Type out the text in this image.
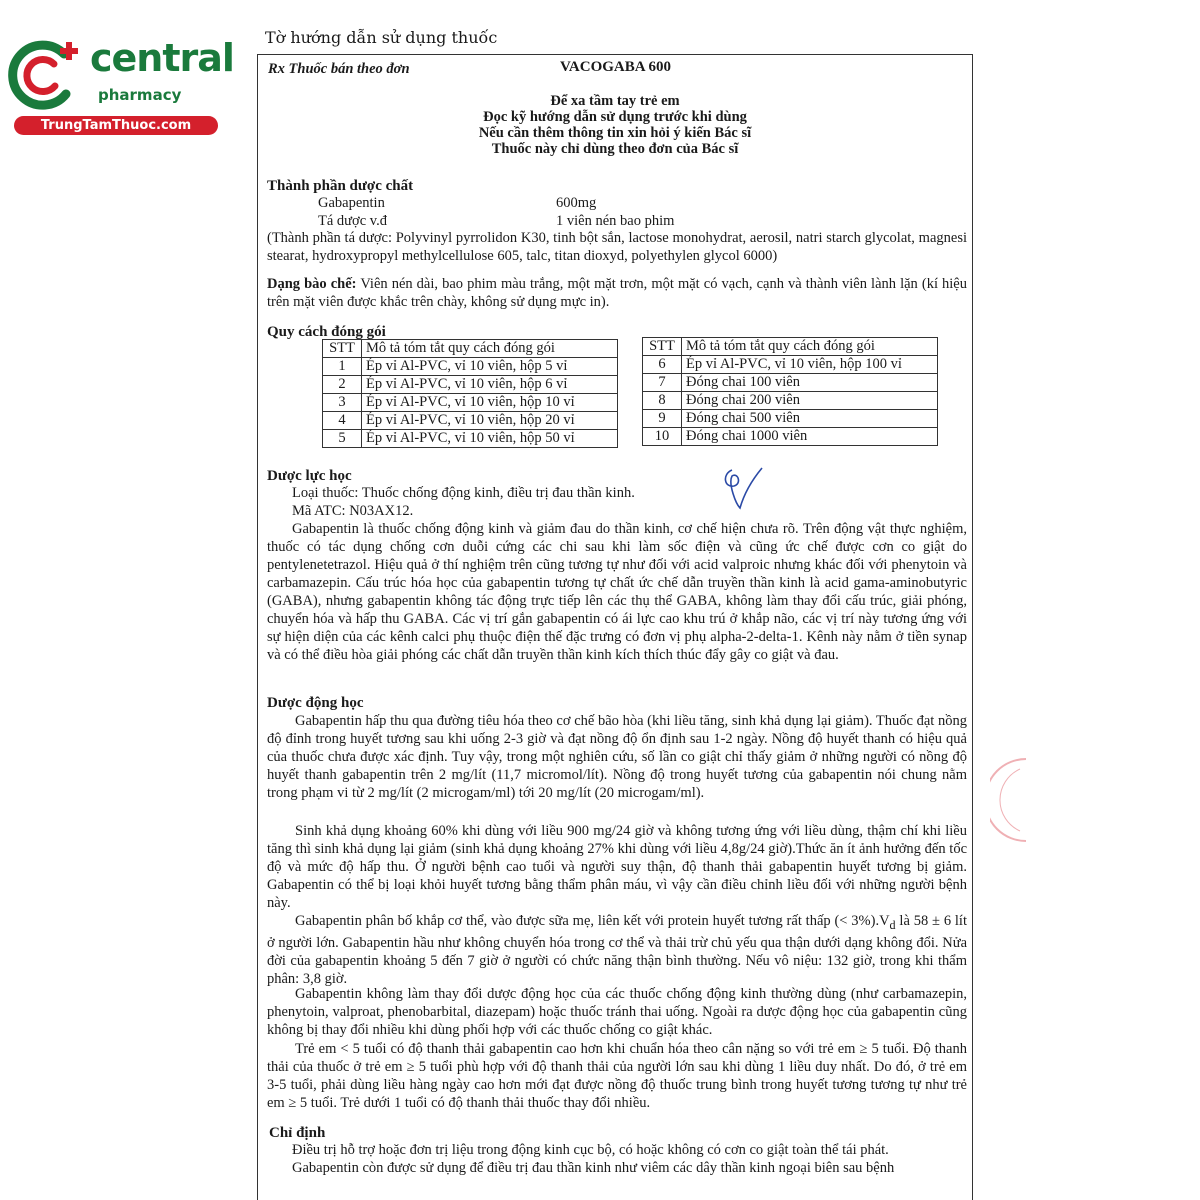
central
pharmacy
TrungTamThuoc.com
Tờ hướng dẫn sử dụng thuốc
Rx Thuốc bán theo đơn	VACOGABA 600
Để xa tầm tay trẻ em
Đọc kỹ hướng dẫn sử dụng trước khi dùng
Nếu cần thêm thông tin xin hỏi ý kiến Bác sĩ
Thuốc này chỉ dùng theo đơn của Bác sĩ
Thành phần dược chất
Gabapentin	600mg
Tá dược v.đ	1 viên nén bao phim
(Thành phần tá dược: Polyvinyl pyrrolidon K30, tinh bột sắn, lactose monohydrat, aerosil, natri starch glycolat, magnesi stearat, hydroxypropyl methylcellulose 605, talc, titan dioxyd, polyethylen glycol 6000)
Dạng bào chế: Viên nén dài, bao phim màu trắng, một mặt trơn, một mặt có vạch, cạnh và thành viên lành lặn (kí hiệu trên mặt viên được khắc trên chày, không sử dụng mực in).
Quy cách đóng gói
STT	Mô tả tóm tắt quy cách đóng gói
1	Ép vỉ Al-PVC, vỉ 10 viên, hộp 5 vỉ
2	Ép vỉ Al-PVC, vỉ 10 viên, hộp 6 vỉ
3	Ép vỉ Al-PVC, vỉ 10 viên, hộp 10 vỉ
4	Ép vỉ Al-PVC, vỉ 10 viên, hộp 20 vỉ
5	Ép vỉ Al-PVC, vỉ 10 viên, hộp 50 vỉ
STT	Mô tả tóm tắt quy cách đóng gói
6	Ép vỉ Al-PVC, vỉ 10 viên, hộp 100 vỉ
7	Đóng chai 100 viên
8	Đóng chai 200 viên
9	Đóng chai 500 viên
10	Đóng chai 1000 viên
Dược lực học
Loại thuốc: Thuốc chống động kinh, điều trị đau thần kinh.
Mã ATC: N03AX12.
Gabapentin là thuốc chống động kinh và giảm đau do thần kinh, cơ chế hiện chưa rõ. Trên động vật thực nghiệm, thuốc có tác dụng chống cơn duỗi cứng các chi sau khi làm sốc điện và cũng ức chế được cơn co giật do pentylenetetrazol. Hiệu quả ở thí nghiệm trên cũng tương tự như đối với acid valproic nhưng khác đối với phenytoin và carbamazepin. Cấu trúc hóa học của gabapentin tương tự chất ức chế dẫn truyền thần kinh là acid gama-aminobutyric (GABA), nhưng gabapentin không tác động trực tiếp lên các thụ thể GABA, không làm thay đổi cấu trúc, giải phóng, chuyển hóa và hấp thu GABA. Các vị trí gắn gabapentin có ái lực cao khu trú ở khắp não, các vị trí này tương ứng với sự hiện diện của các kênh calci phụ thuộc điện thế đặc trưng có đơn vị phụ alpha-2-delta-1. Kênh này nằm ở tiền synap và có thể điều hòa giải phóng các chất dẫn truyền thần kinh kích thích thúc đẩy gây co giật và đau.
Dược động học
Gabapentin hấp thu qua đường tiêu hóa theo cơ chế bão hòa (khi liều tăng, sinh khả dụng lại giảm). Thuốc đạt nồng độ đỉnh trong huyết tương sau khi uống 2-3 giờ và đạt nồng độ ổn định sau 1-2 ngày. Nồng độ huyết thanh có hiệu quả của thuốc chưa được xác định. Tuy vậy, trong một nghiên cứu, số lần co giật chỉ thấy giảm ở những người có nồng độ huyết thanh gabapentin trên 2 mg/lít (11,7 micromol/lít). Nồng độ trong huyết tương của gabapentin nói chung nằm trong phạm vi từ 2 mg/lít (2 microgam/ml) tới 20 mg/lít (20 microgam/ml).
Sinh khả dụng khoảng 60% khi dùng với liều 900 mg/24 giờ và không tương ứng với liều dùng, thậm chí khi liều tăng thì sinh khả dụng lại giảm (sinh khả dụng khoảng 27% khi dùng với liều 4,8g/24 giờ).Thức ăn ít ảnh hưởng đến tốc độ và mức độ hấp thu. Ở người bệnh cao tuổi và người suy thận, độ thanh thải gabapentin huyết tương bị giảm. Gabapentin có thể bị loại khỏi huyết tương bằng thẩm phân máu, vì vậy cần điều chỉnh liều đối với những người bệnh này.
Gabapentin phân bố khắp cơ thể, vào được sữa mẹ, liên kết với protein huyết tương rất thấp (< $3\%).V_d$ là 58 ± 6 lít ở người lớn. Gabapentin hầu như không chuyển hóa trong cơ thể và thải trừ chủ yếu qua thận dưới dạng không đổi. Nửa đời của gabapentin khoảng 5 đến 7 giờ ở người có chức năng thận bình thường. Nếu vô niệu: 132 giờ, trong khi thẩm phân: 3,8 giờ.
Gabapentin không làm thay đổi dược động học của các thuốc chống động kinh thường dùng (như carbamazepin, phenytoin, valproat, phenobarbital, diazepam) hoặc thuốc tránh thai uống. Ngoài ra dược động học của gabapentin cũng không bị thay đổi nhiều khi dùng phối hợp với các thuốc chống co giật khác.
Trẻ em < 5 tuổi có độ thanh thải gabapentin cao hơn khi chuẩn hóa theo cân nặng so với trẻ em ≥ 5 tuổi. Độ thanh thải của thuốc ở trẻ em ≥ 5 tuổi phù hợp với độ thanh thải của người lớn sau khi dùng 1 liều duy nhất. Do đó, ở trẻ em 3-5 tuổi, phải dùng liều hàng ngày cao hơn mới đạt được nồng độ thuốc trung bình trong huyết tương tương tự như trẻ em ≥ 5 tuổi. Trẻ dưới 1 tuổi có độ thanh thải thuốc thay đổi nhiều.
Chỉ định
Điều trị hỗ trợ hoặc đơn trị liệu trong động kinh cục bộ, có hoặc không có cơn co giật toàn thể tái phát.
Gabapentin còn được sử dụng để điều trị đau thần kinh như viêm các dây thần kinh ngoại biên sau bệnh
